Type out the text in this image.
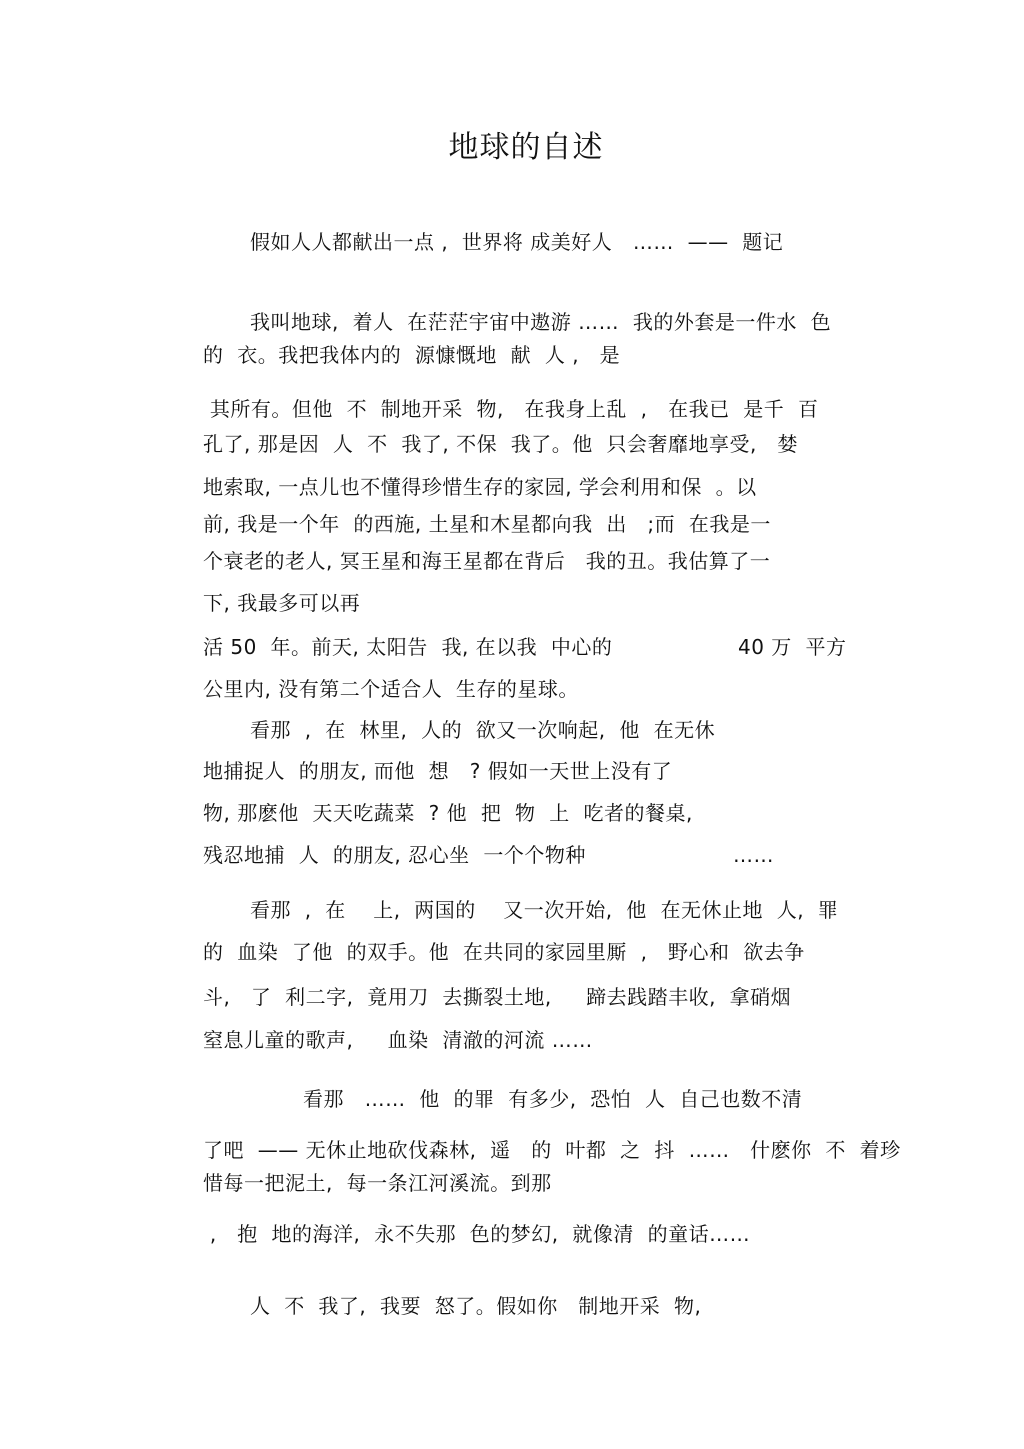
地球的自述
假如人人都献出一点 ,  世界将 成美好人   ……  ——  题记
我叫地球,  着人  在茫茫宇宙中遨游 ……  我的外套是一件水  色
的  衣。我把我体内的  源慷慨地  献  人 ,   是
其所有。但他  不  制地开采  物,   在我身上乱  ,   在我已  是千  百
孔了, 那是因  人  不  我了, 不保  我了。他  只会奢靡地享受,   婪
地索取, 一点儿也不懂得珍惜生存的家园, 学会利用和保  。以
前, 我是一个年  的西施, 土星和木星都向我  出   ;而  在我是一
个衰老的老人, 冥王星和海王星都在背后   我的丑。我估算了一
下, 我最多可以再
活 50  年。前天, 太阳告  我, 在以我  中心的	40 万  平方
公里内, 没有第二个适合人  生存的星球。
看那  ,  在  林里,  人的  欲又一次响起,  他  在无休
地捕捉人  的朋友, 而他  想   ? 假如一天世上没有了
物, 那麽他  天天吃蔬菜  ? 他  把  物  上  吃者的餐桌,
残忍地捕  人  的朋友, 忍心坐  一个个物种	……
看那  ,  在    上,  两国的    又一次开始,  他  在无休止地  人,  罪
的  血染  了他  的双手。他  在共同的家园里厮  ,   野心和  欲去争
斗,   了  利二字,  竟用刀  去撕裂土地,     蹄去践踏丰收,  拿硝烟
窒息儿童的歌声,     血染  清澈的河流 ……
看那   ……  他  的罪  有多少,  恐怕  人  自己也数不清
了吧  —— 无休止地砍伐森林,  遥   的  叶都  之  抖  ……   什麽你  不  着珍
惜每一把泥土,  每一条江河溪流。到那
,   抱  地的海洋,  永不失那  色的梦幻,  就像清  的童话……
人  不  我了,  我要  怒了。假如你   制地开采  物,
